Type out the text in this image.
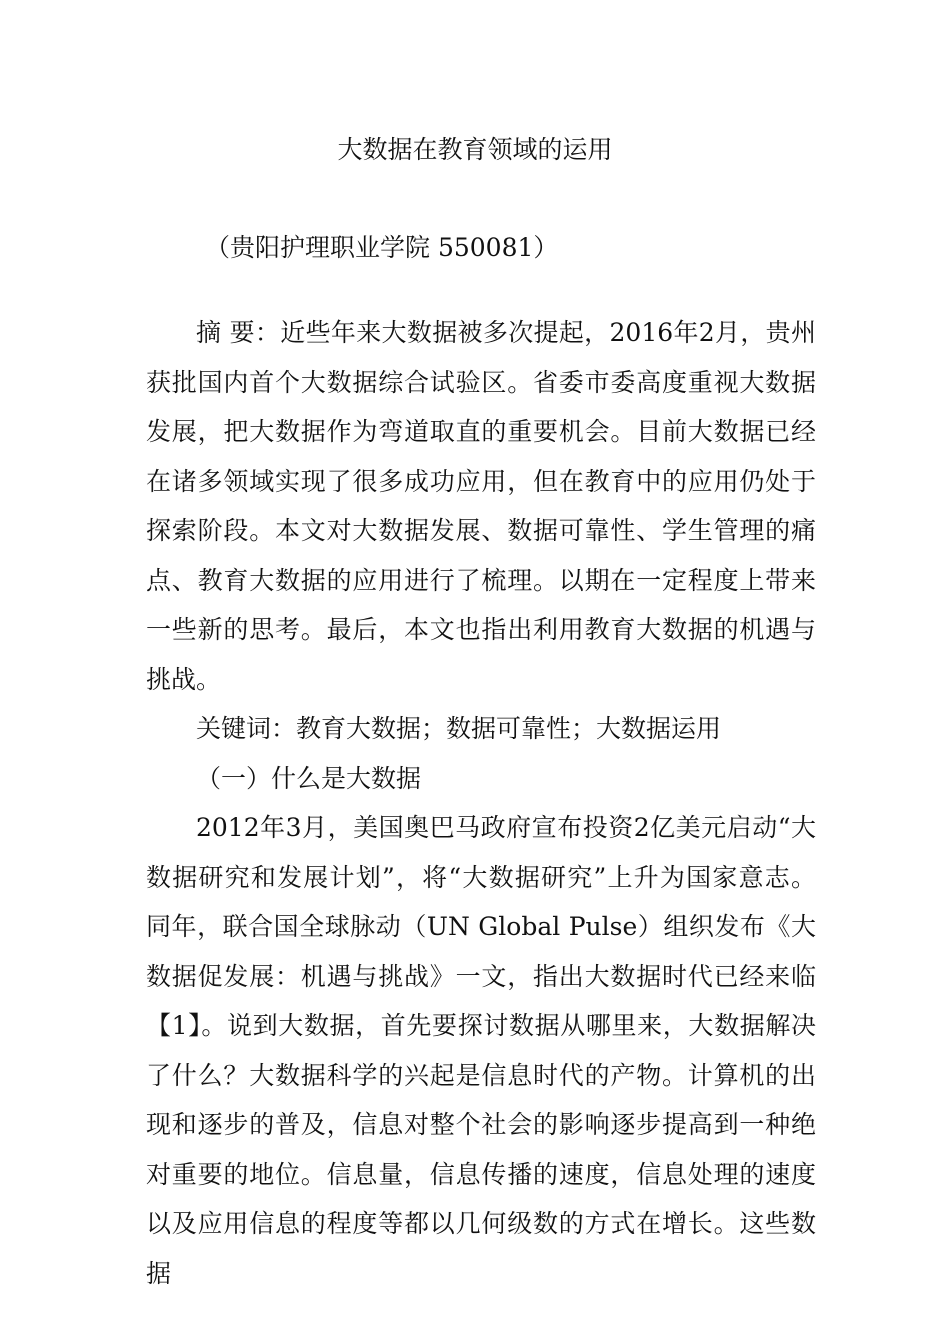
大数据在教育领域的运用
（贵阳护理职业学院 550081）

摘 要：近些年来大数据被多次提起，2016年2月，贵州获批国内首个大数据综合试验区。省委市委高度重视大数据发展，把大数据作为弯道取直的重要机会。目前大数据已经在诸多领域实现了很多成功应用，但在教育中的应用仍处于探索阶段。本文对大数据发展、数据可靠性、学生管理的痛点、教育大数据的应用进行了梳理。以期在一定程度上带来一些新的思考。最后，本文也指出利用教育大数据的机遇与挑战。

关键词：教育大数据；数据可靠性；大数据运用

（一）什么是大数据

2012年3月，美国奥巴马政府宣布投资2亿美元启动“大数据研究和发展计划”，将“大数据研究”上升为国家意志。 同年，联合国全球脉动（UN Global Pulse）组织发布《大数据促发展：机遇与挑战》一文，指出大数据时代已经来临【1】。说到大数据，首先要探讨数据从哪里来，大数据解决了什么？大数据科学的兴起是信息时代的产物。计算机的出现和逐步的普及，信息对整个社会的影响逐步提高到一种绝对重要的地位。信息量，信息传播的速度，信息处理的速度以及应用信息的程度等都以几何级数的方式在增长。这些数据
